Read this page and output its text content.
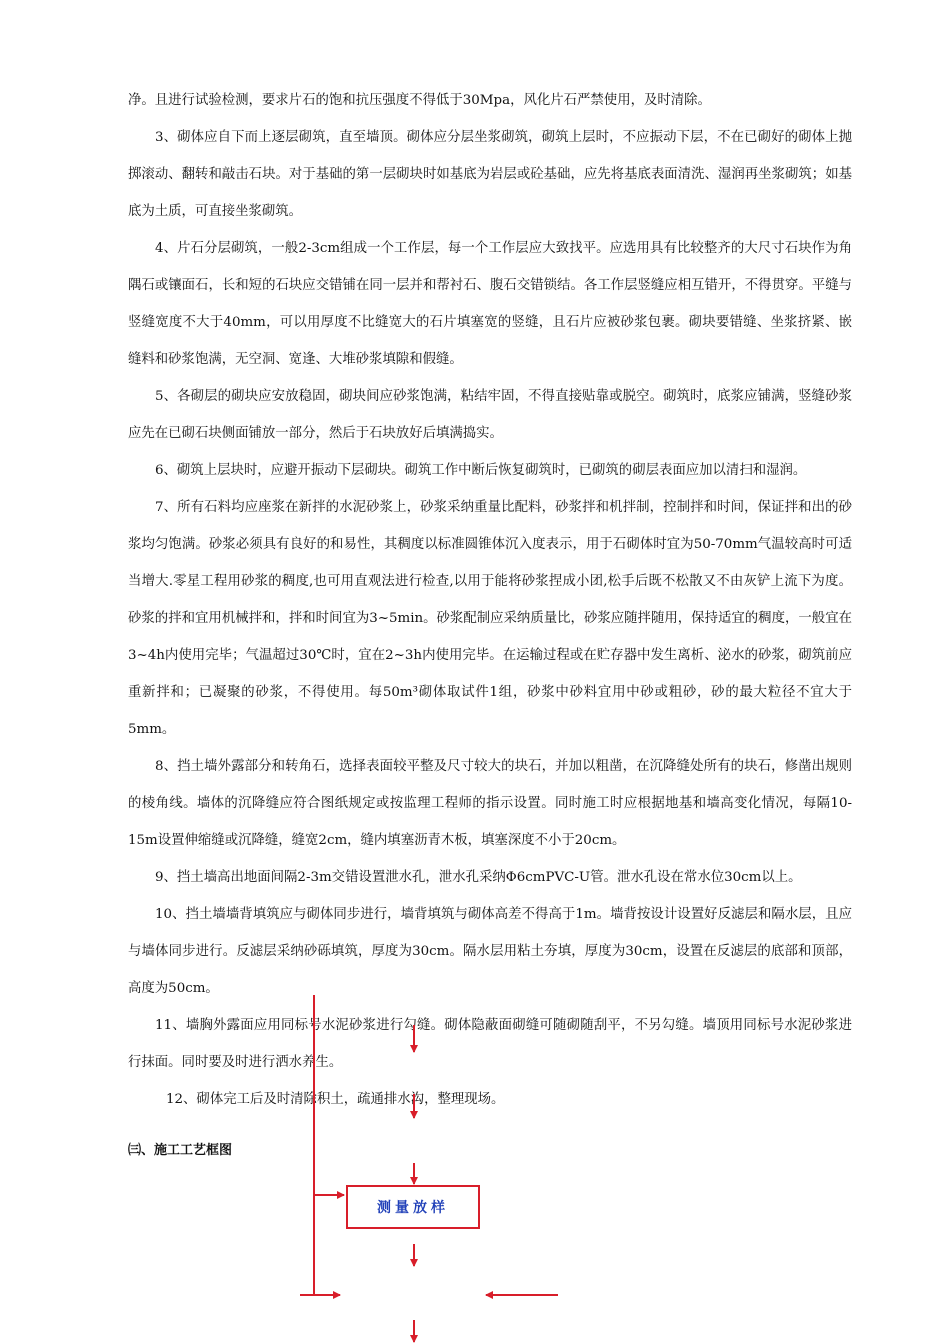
净。且进行试验检测，要求片石的饱和抗压强度不得低于30Mpa，风化片石严禁使用，及时清除。

3、砌体应自下而上逐层砌筑，直至墙顶。砌体应分层坐浆砌筑，砌筑上层时，不应振动下层，不在已砌好的砌体上抛掷滚动、翻转和敲击石块。对于基础的第一层砌块时如基底为岩层或砼基础，应先将基底表面清洗、湿润再坐浆砌筑；如基底为土质，可直接坐浆砌筑。

4、片石分层砌筑，一般2-3cm组成一个工作层，每一个工作层应大致找平。应选用具有比较整齐的大尺寸石块作为角隅石或镶面石，长和短的石块应交错铺在同一层并和帮衬石、腹石交错锁结。各工作层竖缝应相互错开，不得贯穿。平缝与竖缝宽度不大于40mm，可以用厚度不比缝宽大的石片填塞宽的竖缝，且石片应被砂浆包裹。砌块要错缝、坐浆挤紧、嵌缝料和砂浆饱满，无空洞、宽逢、大堆砂浆填隙和假缝。

5、各砌层的砌块应安放稳固，砌块间应砂浆饱满，粘结牢固，不得直接贴靠或脱空。砌筑时，底浆应铺满，竖缝砂浆应先在已砌石块侧面铺放一部分，然后于石块放好后填满捣实。

6、砌筑上层块时，应避开振动下层砌块。砌筑工作中断后恢复砌筑时，已砌筑的砌层表面应加以清扫和湿润。

7、所有石料均应座浆在新拌的水泥砂浆上，砂浆采纳重量比配料，砂浆拌和机拌制，控制拌和时间，保证拌和出的砂浆均匀饱满。砂浆必须具有良好的和易性，其稠度以标准圆锥体沉入度表示，用于石砌体时宜为50-70mm气温较高时可适当增大.零星工程用砂浆的稠度,也可用直观法进行检查,以用于能将砂浆捏成小团,松手后既不松散又不由灰铲上流下为度。砂浆的拌和宜用机械拌和，拌和时间宜为3~5min。砂浆配制应采纳质量比，砂浆应随拌随用，保持适宜的稠度，一般宜在3~4h内使用完毕；气温超过30℃时，宜在2~3h内使用完毕。在运输过程或在贮存器中发生离析、泌水的砂浆，砌筑前应重新拌和；已凝聚的砂浆，不得使用。每50m³砌体取试件1组，砂浆中砂料宜用中砂或粗砂，砂的最大粒径不宜大于5mm。

8、挡土墙外露部分和转角石，选择表面较平整及尺寸较大的块石，并加以粗凿，在沉降缝处所有的块石，修凿出规则的棱角线。墙体的沉降缝应符合图纸规定或按监理工程师的指示设置。同时施工时应根据地基和墙高变化情况，每隔10-15m设置伸缩缝或沉降缝，缝宽2cm，缝内填塞沥青木板，填塞深度不小于20cm。

9、挡土墙高出地面间隔2-3m交错设置泄水孔，泄水孔采纳Φ6cmPVC-U管。泄水孔设在常水位30cm以上。

10、挡土墙墙背填筑应与砌体同步进行，墙背填筑与砌体高差不得高于1m。墙背按设计设置好反滤层和隔水层，且应与墙体同步进行。反滤层采纳砂砾填筑，厚度为30cm。隔水层用粘土夯填，厚度为30cm，设置在反滤层的底部和顶部，高度为50cm。

11、墙胸外露面应用同标号水泥砂浆进行勾缝。砌体隐蔽面砌缝可随砌随刮平，不另勾缝。墙顶用同标号水泥砂浆进行抹面。同时要及时进行洒水养生。

12、砌体完工后及时清除积土，疏通排水沟，整理现场。

㈢、施工工艺框图
测量放样
